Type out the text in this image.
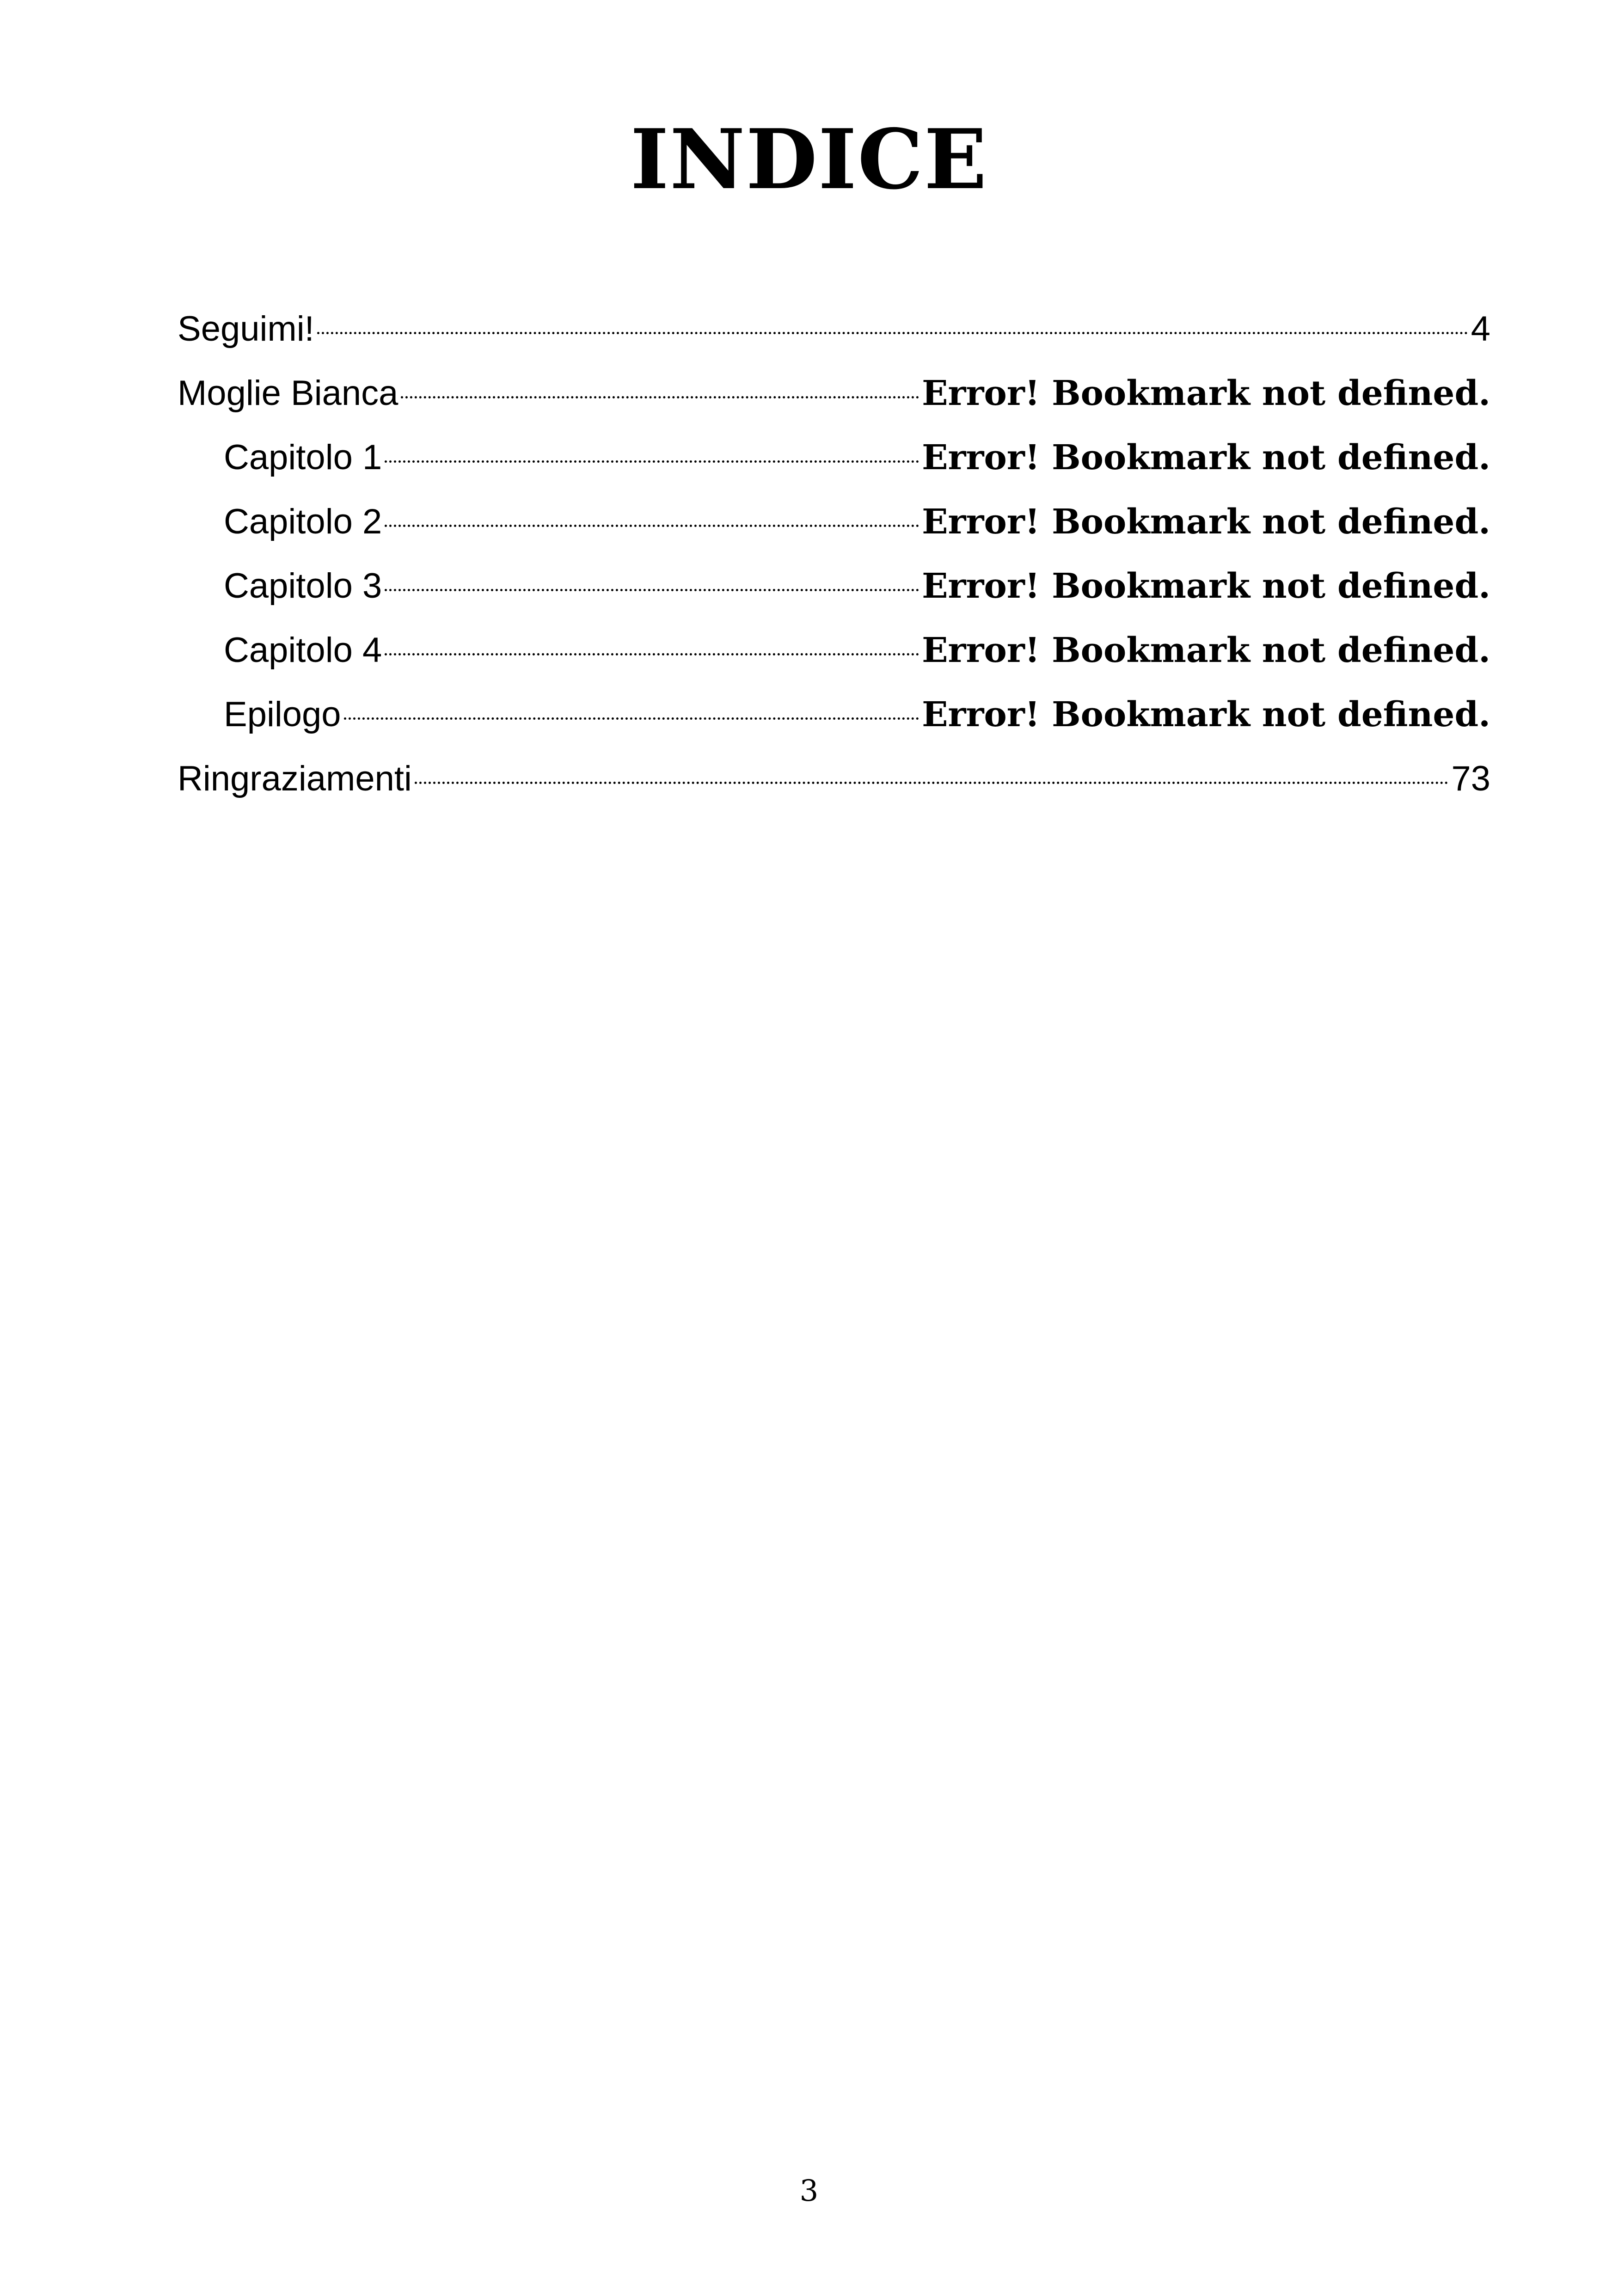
INDICE
Seguimi!	4
Moglie Bianca	Error! Bookmark not defined.
Capitolo 1	Error! Bookmark not defined.
Capitolo 2	Error! Bookmark not defined.
Capitolo 3	Error! Bookmark not defined.
Capitolo 4	Error! Bookmark not defined.
Epilogo	Error! Bookmark not defined.
Ringraziamenti	73
3
